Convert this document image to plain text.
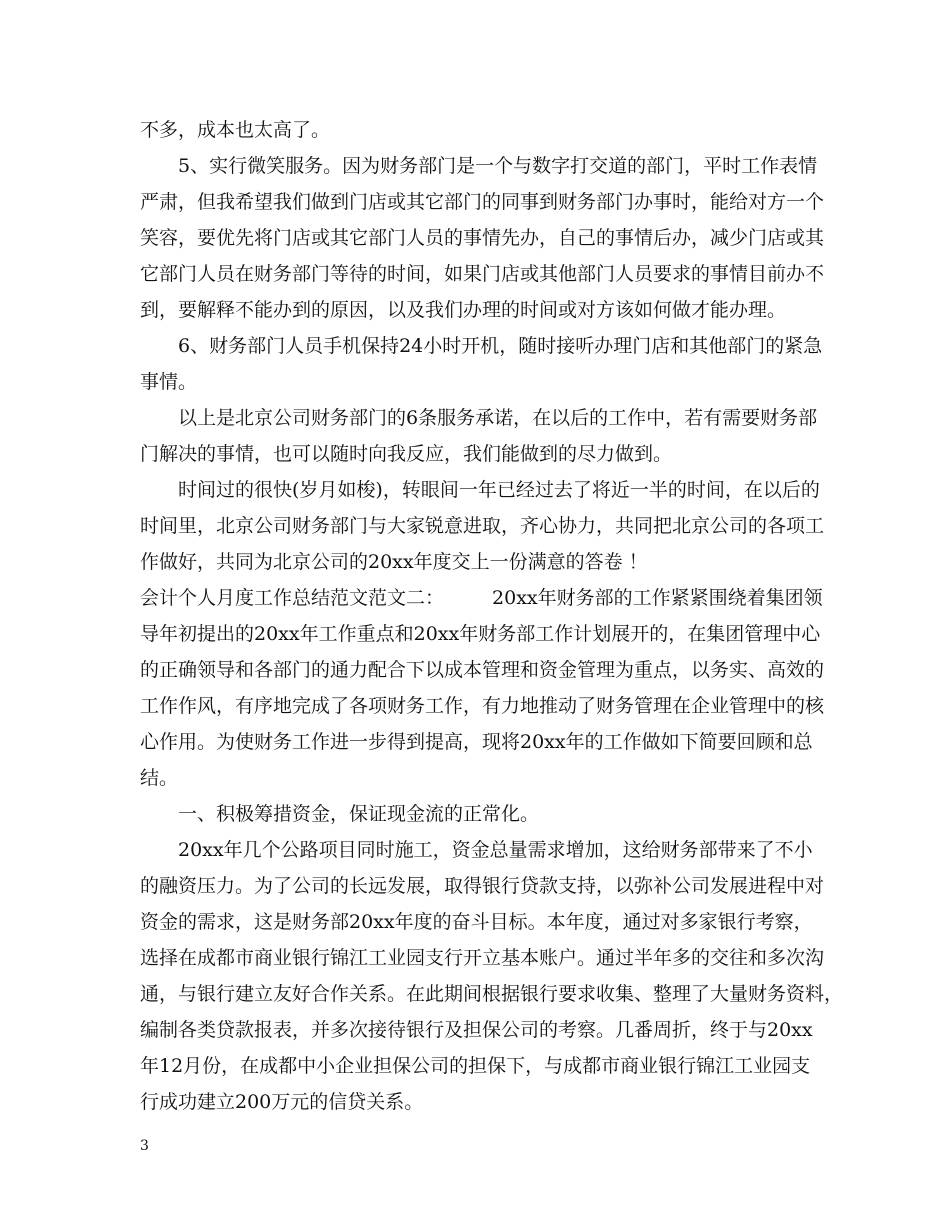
不多，成本也太高了。
5、实行微笑服务。因为财务部门是一个与数字打交道的部门，平时工作表情
严肃，但我希望我们做到门店或其它部门的同事到财务部门办事时，能给对方一个
笑容，要优先将门店或其它部门人员的事情先办，自己的事情后办，减少门店或其
它部门人员在财务部门等待的时间，如果门店或其他部门人员要求的事情目前办不
到，要解释不能办到的原因，以及我们办理的时间或对方该如何做才能办理。
6、财务部门人员手机保持24小时开机，随时接听办理门店和其他部门的紧急
事情。
以上是北京公司财务部门的6条服务承诺，在以后的工作中，若有需要财务部
门解决的事情，也可以随时向我反应，我们能做到的尽力做到。
时间过的很快(岁月如梭)，转眼间一年已经过去了将近一半的时间，在以后的
时间里，北京公司财务部门与大家锐意进取，齐心协力，共同把北京公司的各项工
作做好，共同为北京公司的20xx年度交上一份满意的答卷 ！
会计个人月度工作总结范文范文二：	20xx年财务部的工作紧紧围绕着集团领
导年初提出的20xx年工作重点和20xx年财务部工作计划展开的，在集团管理中心
的正确领导和各部门的通力配合下以成本管理和资金管理为重点，以务实、高效的
工作作风，有序地完成了各项财务工作，有力地推动了财务管理在企业管理中的核
心作用。为使财务工作进一步得到提高，现将20xx年的工作做如下简要回顾和总
结。
一、积极筹措资金，保证现金流的正常化。
20xx年几个公路项目同时施工，资金总量需求增加，这给财务部带来了不小
的融资压力。为了公司的长远发展，取得银行贷款支持，以弥补公司发展进程中对
资金的需求，这是财务部20xx年度的奋斗目标。本年度，通过对多家银行考察，
选择在成都市商业银行锦江工业园支行开立基本账户。通过半年多的交往和多次沟
通，与银行建立友好合作关系。在此期间根据银行要求收集、整理了大量财务资料，
编制各类贷款报表，并多次接待银行及担保公司的考察。几番周折，终于与20xx
年12月份，在成都中小企业担保公司的担保下，与成都市商业银行锦江工业园支
行成功建立200万元的信贷关系。
3
